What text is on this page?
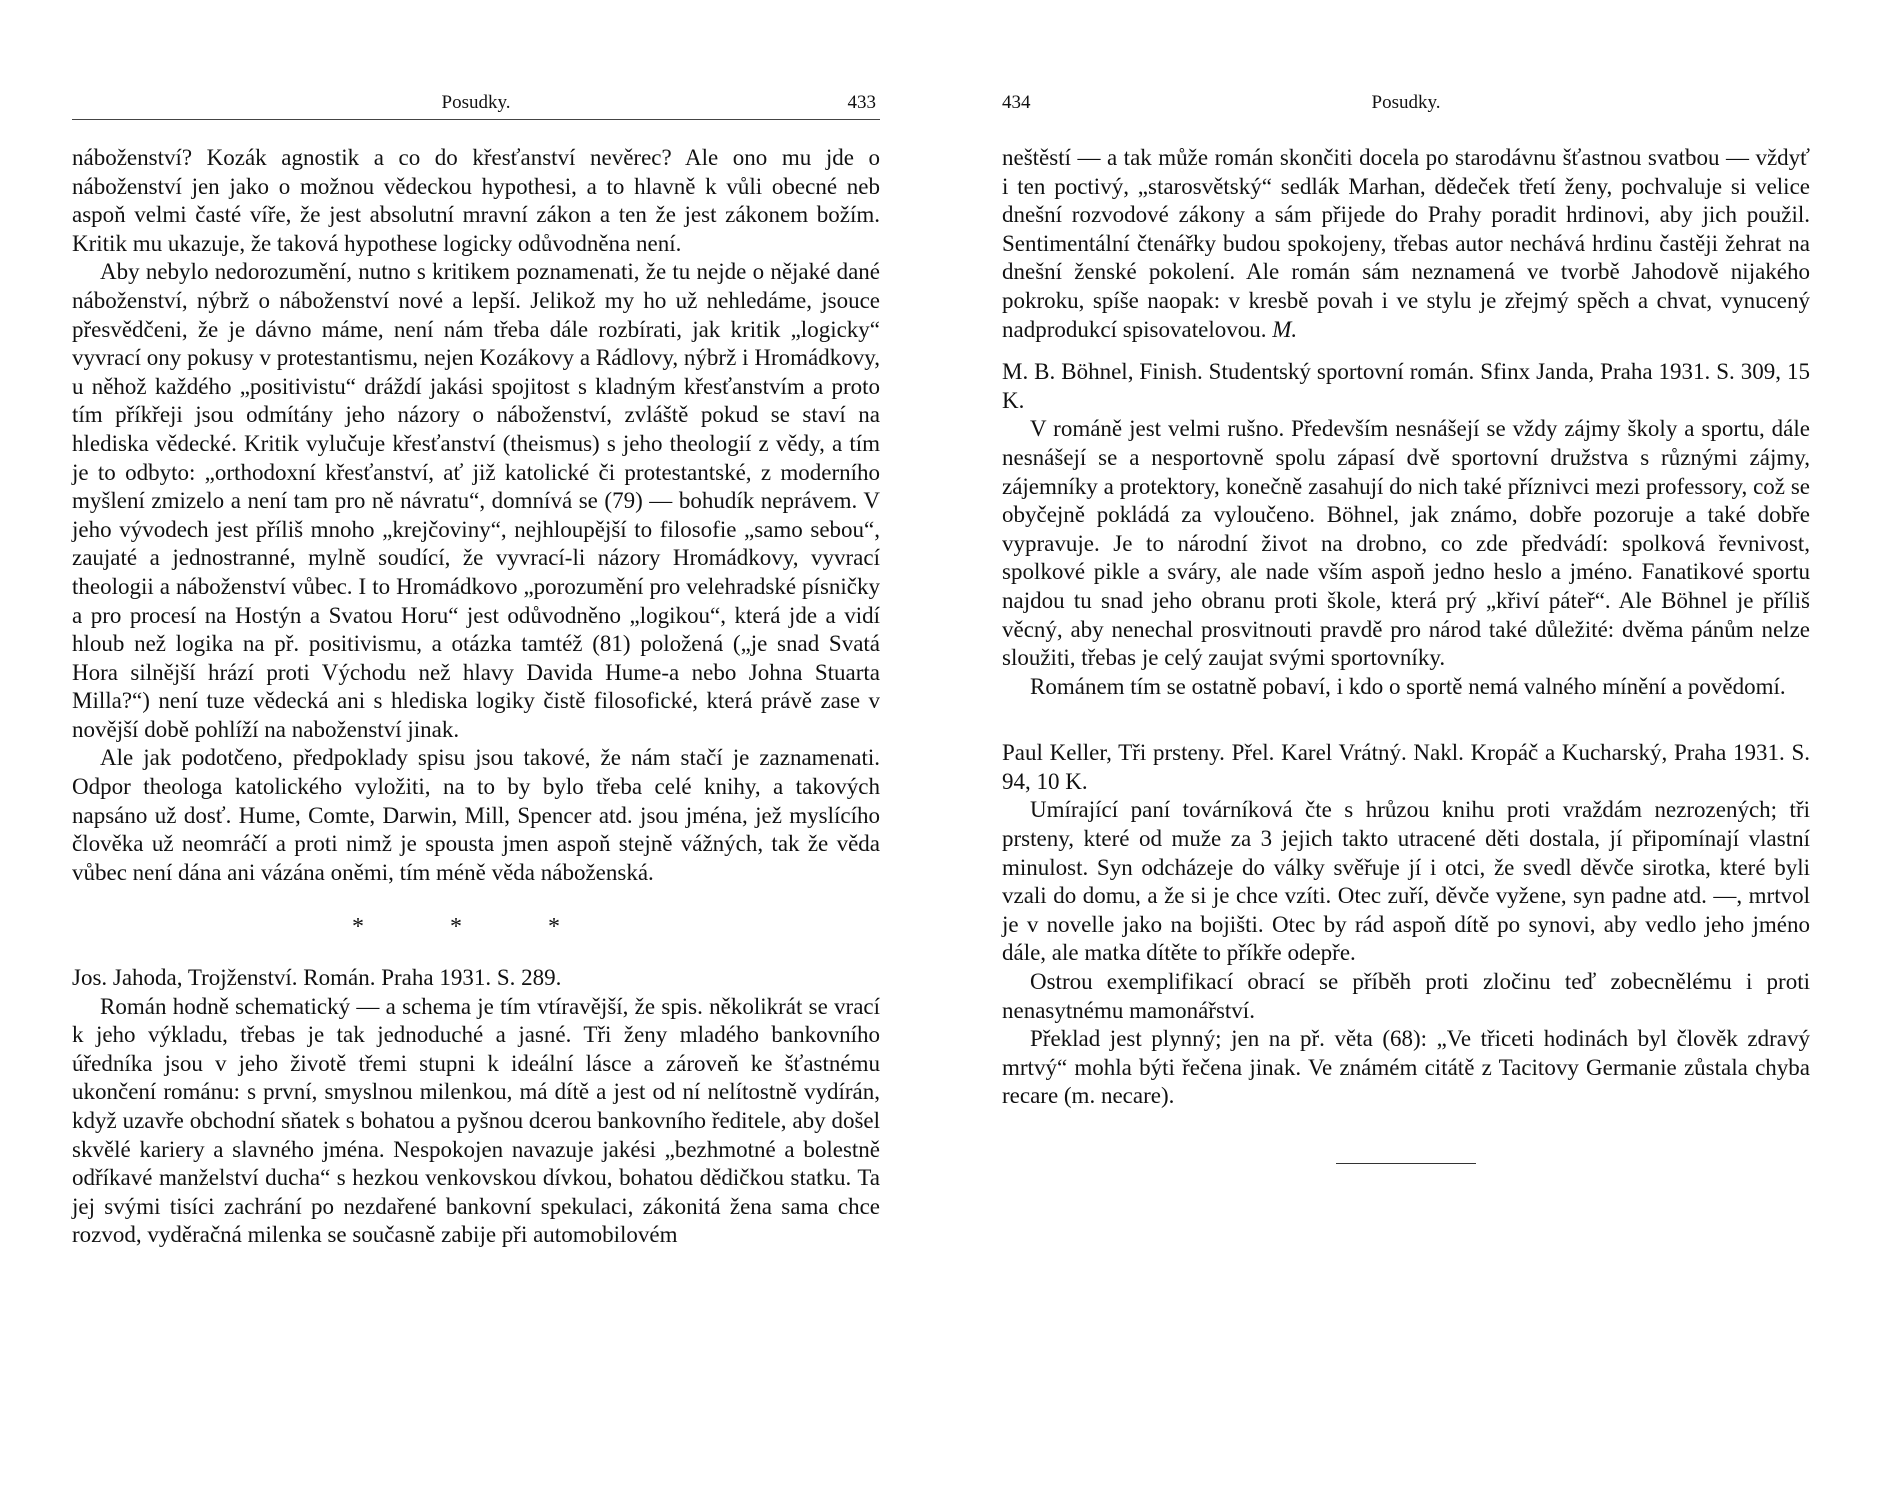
Posudky.	433

náboženství? Kozák agnostik a co do křesťanství nevěrec? Ale ono mu jde o náboženství jen jako o možnou vědeckou hypothesi, a to hlavně k vůli obecné neb aspoň velmi časté víře, že jest absolutní mravní zákon a ten že jest zákonem božím. Kritik mu ukazuje, že taková hypothese logicky odůvodněna není.

Aby nebylo nedorozumění, nutno s kritikem poznamenati, že tu nejde o nějaké dané náboženství, nýbrž o náboženství nové a lepší. Jelikož my ho už nehledáme, jsouce přesvědčeni, že je dávno máme, není nám třeba dále rozbírati, jak kritik „logicky“ vyvrací ony pokusy v protestantismu, nejen Kozákovy a Rádlovy, nýbrž i Hromádkovy, u něhož každého „positivistu“ dráždí jakási spojitost s kladným křesťanstvím a proto tím příkřeji jsou odmítány jeho názory o náboženství, zvláště pokud se staví na hlediska vědecké. Kritik vylučuje křesťanství (theismus) s jeho theologií z vědy, a tím je to odbyto: „orthodoxní křesťanství, ať již katolické či protestantské, z moderního myšlení zmizelo a není tam pro ně návratu“, domnívá se (79) — bohudík neprávem. V jeho vývodech jest příliš mnoho „krejčoviny“, nejhloupější to filosofie „samo sebou“, zaujaté a jednostranné, mylně soudící, že vyvrací-li názory Hromádkovy, vyvrací theologii a náboženství vůbec. I to Hromádkovo „porozumění pro velehradské písničky a pro procesí na Hostýn a Svatou Horu“ jest odůvodněno „logikou“, která jde a vidí hloub než logika na př. positivismu, a otázka tamtéž (81) položená („je snad Svatá Hora silnější hrází proti Východu než hlavy Davida Hume-a nebo Johna Stuarta Milla?“) není tuze vědecká ani s hlediska logiky čistě filosofické, která právě zase v novější době pohlíží na naboženství jinak.

Ale jak podotčeno, předpoklady spisu jsou takové, že nám stačí je zaznamenati. Odpor theologa katolického vyložiti, na to by bylo třeba celé knihy, a takových napsáno už dosť. Hume, Comte, Darwin, Mill, Spencer atd. jsou jména, jež myslícího člověka už neomráčí a proti nimž je spousta jmen aspoň stejně vážných, tak že věda vůbec není dána ani vázána oněmi, tím méně věda náboženská.

* * *

Jos. Jahoda, Trojženství. Román. Praha 1931. S. 289.

Román hodně schematický — a schema je tím vtíravější, že spis. několikrát se vrací k jeho výkladu, třebas je tak jednoduché a jasné. Tři ženy mladého bankovního úředníka jsou v jeho životě třemi stupni k ideální lásce a zároveň ke šťastnému ukončení románu: s první, smyslnou milenkou, má dítě a jest od ní nelítostně vydírán, když uzavře obchodní sňatek s bohatou a pyšnou dcerou bankovního ředitele, aby došel skvělé kariery a slavného jména. Nespokojen navazuje jakési „bezhmotné a bolestně odříkavé manželství ducha“ s hezkou venkovskou dívkou, bohatou dědičkou statku. Ta jej svými tisíci zachrání po nezdařené bankovní spekulaci, zákonitá žena sama chce rozvod, vyděračná milenka se současně zabije při automobilovém

434	Posudky.

neštěstí — a tak může román skončiti docela po starodávnu šťastnou svatbou — vždyť i ten poctivý, „starosvětský“ sedlák Marhan, dědeček třetí ženy, pochvaluje si velice dnešní rozvodové zákony a sám přijede do Prahy poradit hrdinovi, aby jich použil. Sentimentální čtenářky budou spokojeny, třebas autor nechává hrdinu častěji žehrat na dnešní ženské pokolení. Ale román sám neznamená ve tvorbě Jahodově nijakého pokroku, spíše naopak: v kresbě povah i ve stylu je zřejmý spěch a chvat, vynucený nadprodukcí spisovatelovou. M.

M. B. Böhnel, Finish. Studentský sportovní román. Sfinx Janda, Praha 1931. S. 309, 15 K.

V románě jest velmi rušno. Především nesnášejí se vždy zájmy školy a sportu, dále nesnášejí se a nesportovně spolu zápasí dvě sportovní družstva s různými zájmy, zájemníky a protektory, konečně zasahují do nich také příznivci mezi professory, což se obyčejně pokládá za vyloučeno. Böhnel, jak známo, dobře pozoruje a také dobře vypravuje. Je to národní život na drobno, co zde předvádí: spolková řevnivost, spolkové pikle a sváry, ale nade vším aspoň jedno heslo a jméno. Fanatikové sportu najdou tu snad jeho obranu proti škole, která prý „křiví páteř“. Ale Böhnel je příliš věcný, aby nenechal prosvitnouti pravdě pro národ také důležité: dvěma pánům nelze sloužiti, třebas je celý zaujat svými sportovníky.

Románem tím se ostatně pobaví, i kdo o sportě nemá valného mínění a povědomí.

Paul Keller, Tři prsteny. Přel. Karel Vrátný. Nakl. Kropáč a Kucharský, Praha 1931. S. 94, 10 K.

Umírající paní továrníková čte s hrůzou knihu proti vraždám nezrozených; tři prsteny, které od muže za 3 jejich takto utracené děti dostala, jí připomínají vlastní minulost. Syn odcházeje do války svěřuje jí i otci, že svedl děvče sirotka, které byli vzali do domu, a že si je chce vzíti. Otec zuří, děvče vyžene, syn padne atd. —, mrtvol je v novelle jako na bojišti. Otec by rád aspoň dítě po synovi, aby vedlo jeho jméno dále, ale matka dítěte to příkře odepře.

Ostrou exemplifikací obrací se příběh proti zločinu teď zobecnělému i proti nenasytnému mamonářství.

Překlad jest plynný; jen na př. věta (68): „Ve třiceti hodinách byl člověk zdravý mrtvý“ mohla býti řečena jinak. Ve známém citátě z Tacitovy Germanie zůstala chyba recare (m. necare).
